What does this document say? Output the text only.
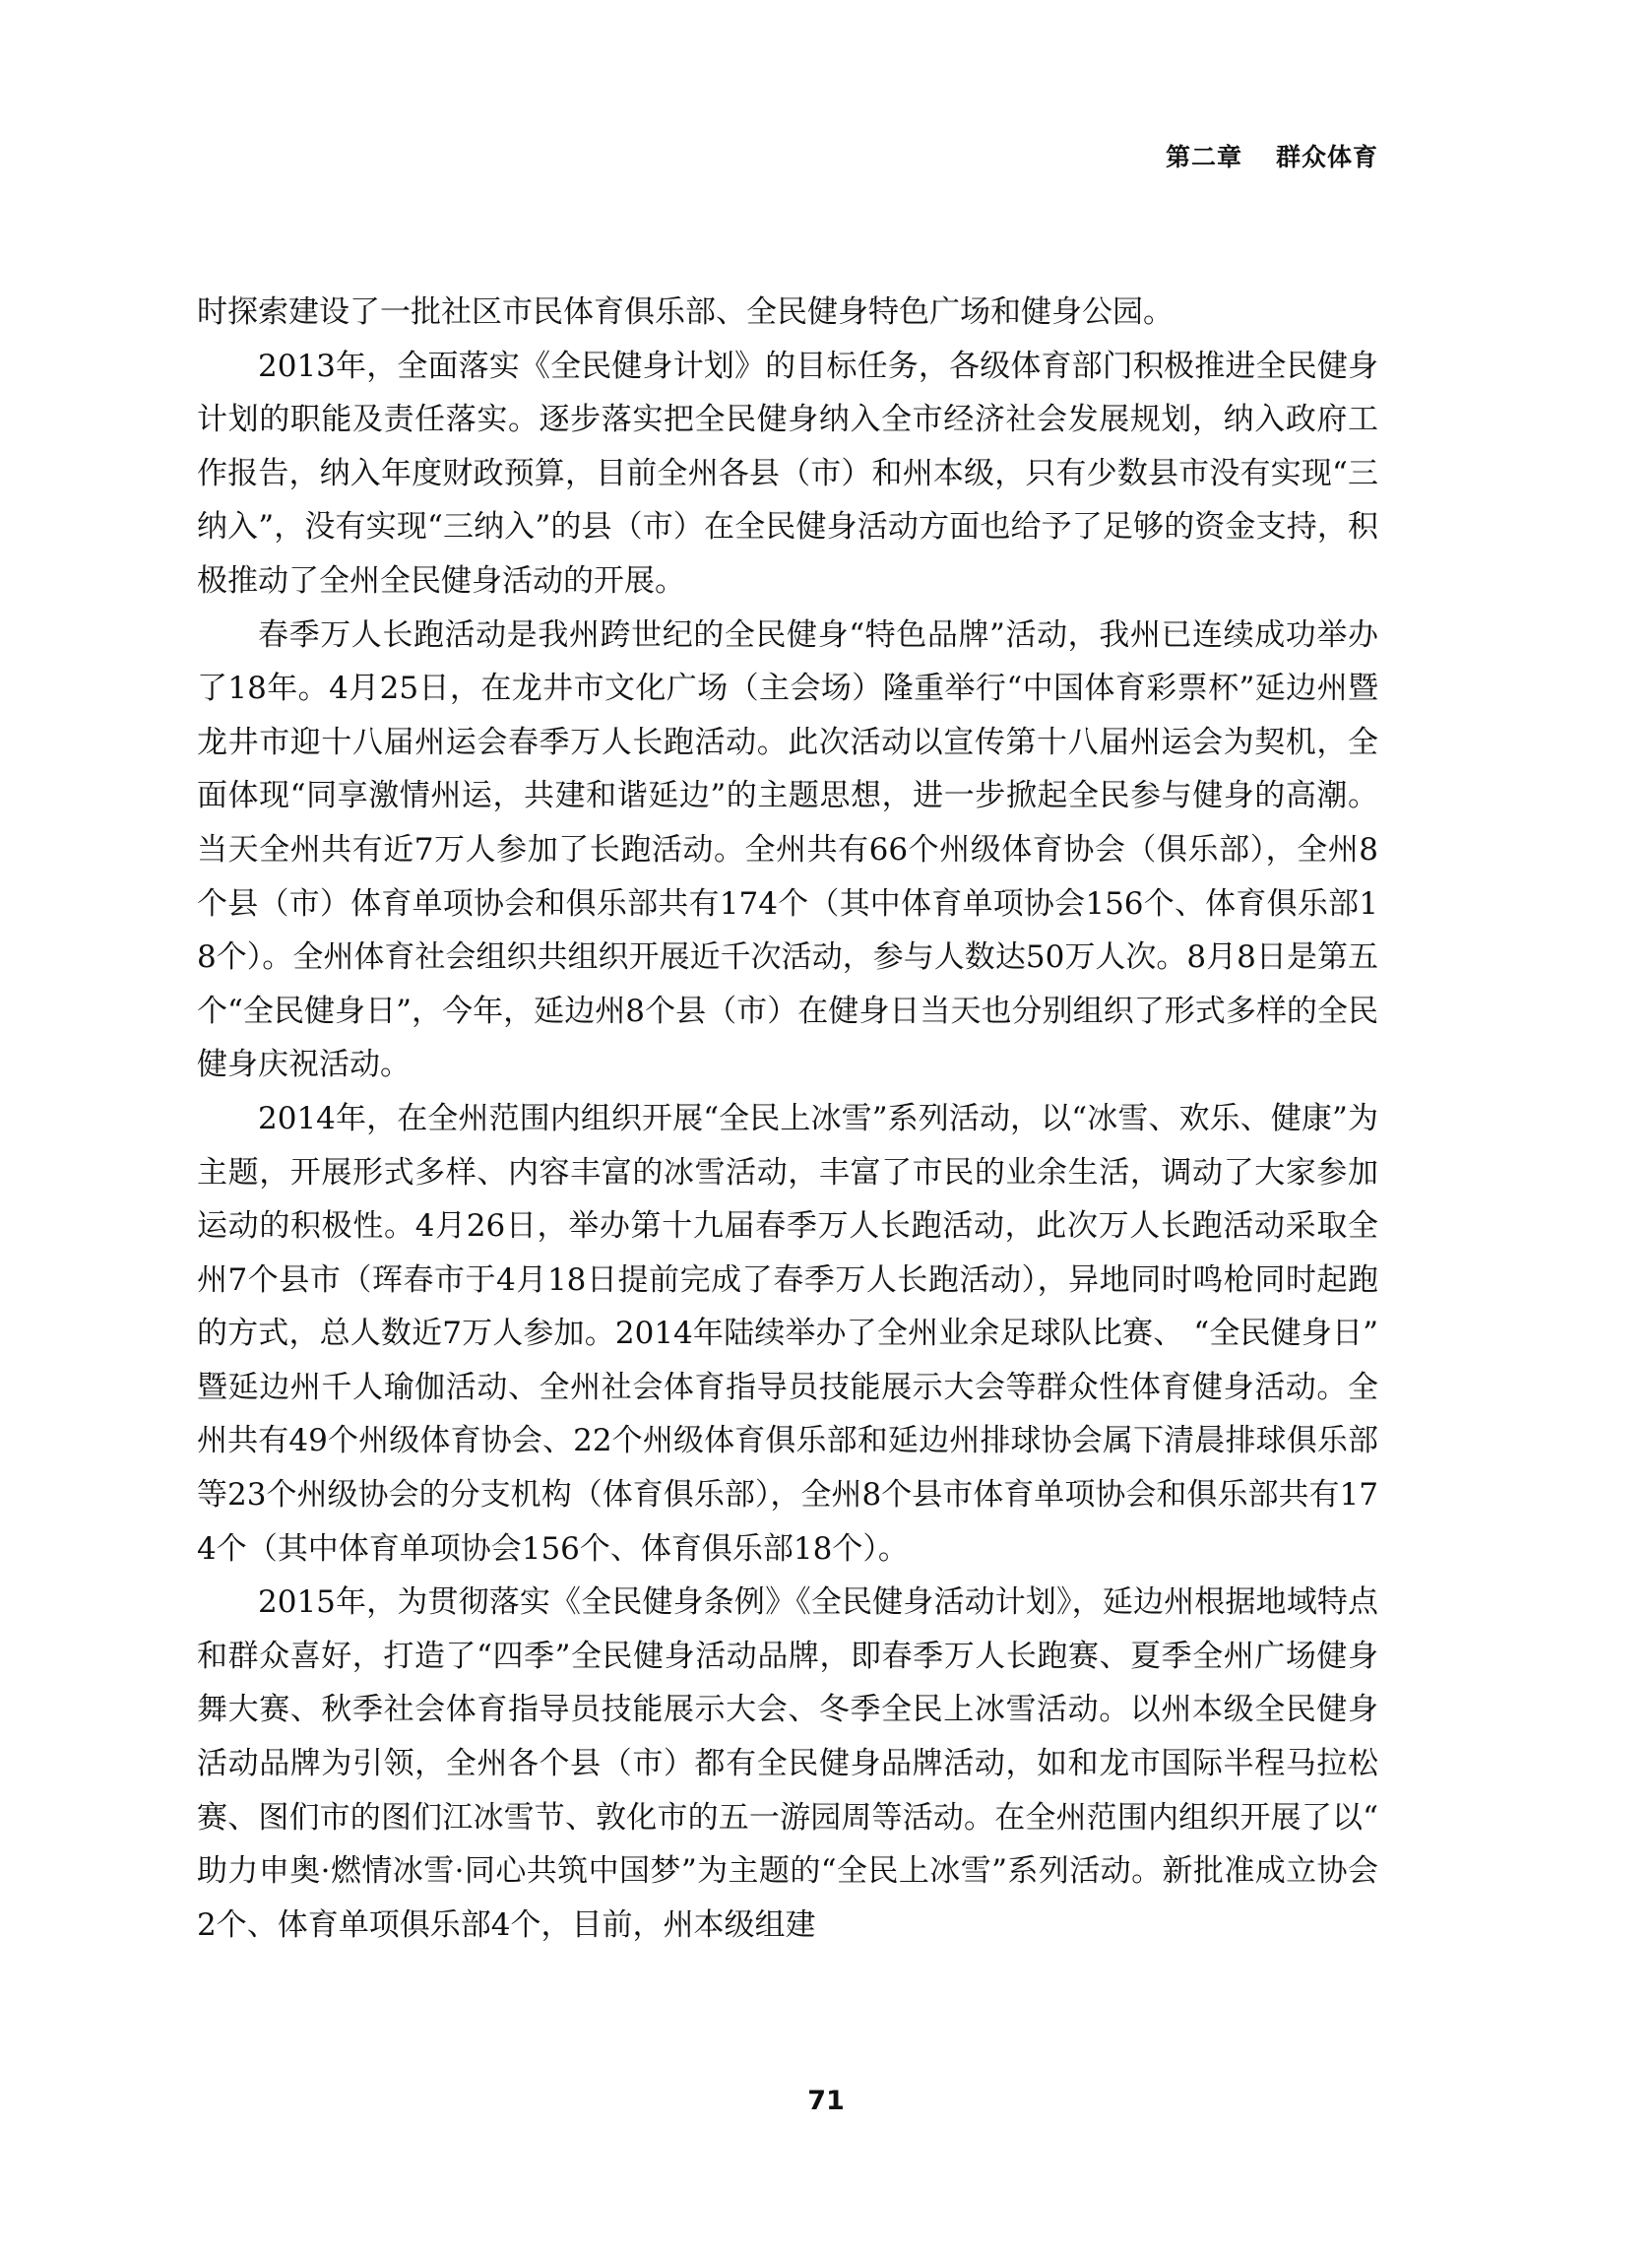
第二章 群众体育

时探索建设了一批社区市民体育俱乐部、全民健身特色广场和健身公园。

2013年，全面落实《全民健身计划》的目标任务，各级体育部门积极推进全民健身计划的职能及责任落实。逐步落实把全民健身纳入全市经济社会发展规划，纳入政府工作报告，纳入年度财政预算，目前全州各县（市）和州本级，只有少数县市没有实现“三纳入”，没有实现“三纳入”的县（市）在全民健身活动方面也给予了足够的资金支持，积极推动了全州全民健身活动的开展。

春季万人长跑活动是我州跨世纪的全民健身“特色品牌”活动，我州已连续成功举办了18年。4月25日，在龙井市文化广场（主会场）隆重举行“中国体育彩票杯”延边州暨龙井市迎十八届州运会春季万人长跑活动。此次活动以宣传第十八届州运会为契机，全面体现“同享激情州运，共建和谐延边”的主题思想，进一步掀起全民参与健身的高潮。当天全州共有近7万人参加了长跑活动。全州共有66个州级体育协会（俱乐部），全州8个县（市）体育单项协会和俱乐部共有174个（其中体育单项协会156个、体育俱乐部18个）。全州体育社会组织共组织开展近千次活动，参与人数达50万人次。8月8日是第五个“全民健身日”，今年，延边州8个县（市）在健身日当天也分别组织了形式多样的全民健身庆祝活动。

2014年，在全州范围内组织开展“全民上冰雪”系列活动，以“冰雪、欢乐、健康”为主题，开展形式多样、内容丰富的冰雪活动，丰富了市民的业余生活，调动了大家参加运动的积极性。4月26日，举办第十九届春季万人长跑活动，此次万人长跑活动采取全州7个县市（珲春市于4月18日提前完成了春季万人长跑活动），异地同时鸣枪同时起跑的方式，总人数近7万人参加。2014年陆续举办了全州业余足球队比赛、 “全民健身日”暨延边州千人瑜伽活动、全州社会体育指导员技能展示大会等群众性体育健身活动。全州共有49个州级体育协会、22个州级体育俱乐部和延边州排球协会属下清晨排球俱乐部等23个州级协会的分支机构（体育俱乐部），全州8个县市体育单项协会和俱乐部共有174个（其中体育单项协会156个、体育俱乐部18个）。

2015年，为贯彻落实《全民健身条例》《全民健身活动计划》，延边州根据地域特点和群众喜好，打造了“四季”全民健身活动品牌，即春季万人长跑赛、夏季全州广场健身舞大赛、秋季社会体育指导员技能展示大会、冬季全民上冰雪活动。以州本级全民健身活动品牌为引领，全州各个县（市）都有全民健身品牌活动，如和龙市国际半程马拉松赛、图们市的图们江冰雪节、敦化市的五一游园周等活动。在全州范围内组织开展了以“助力申奥·燃情冰雪·同心共筑中国梦”为主题的“全民上冰雪”系列活动。新批准成立协会2个、体育单项俱乐部4个，目前，州本级组建

71
